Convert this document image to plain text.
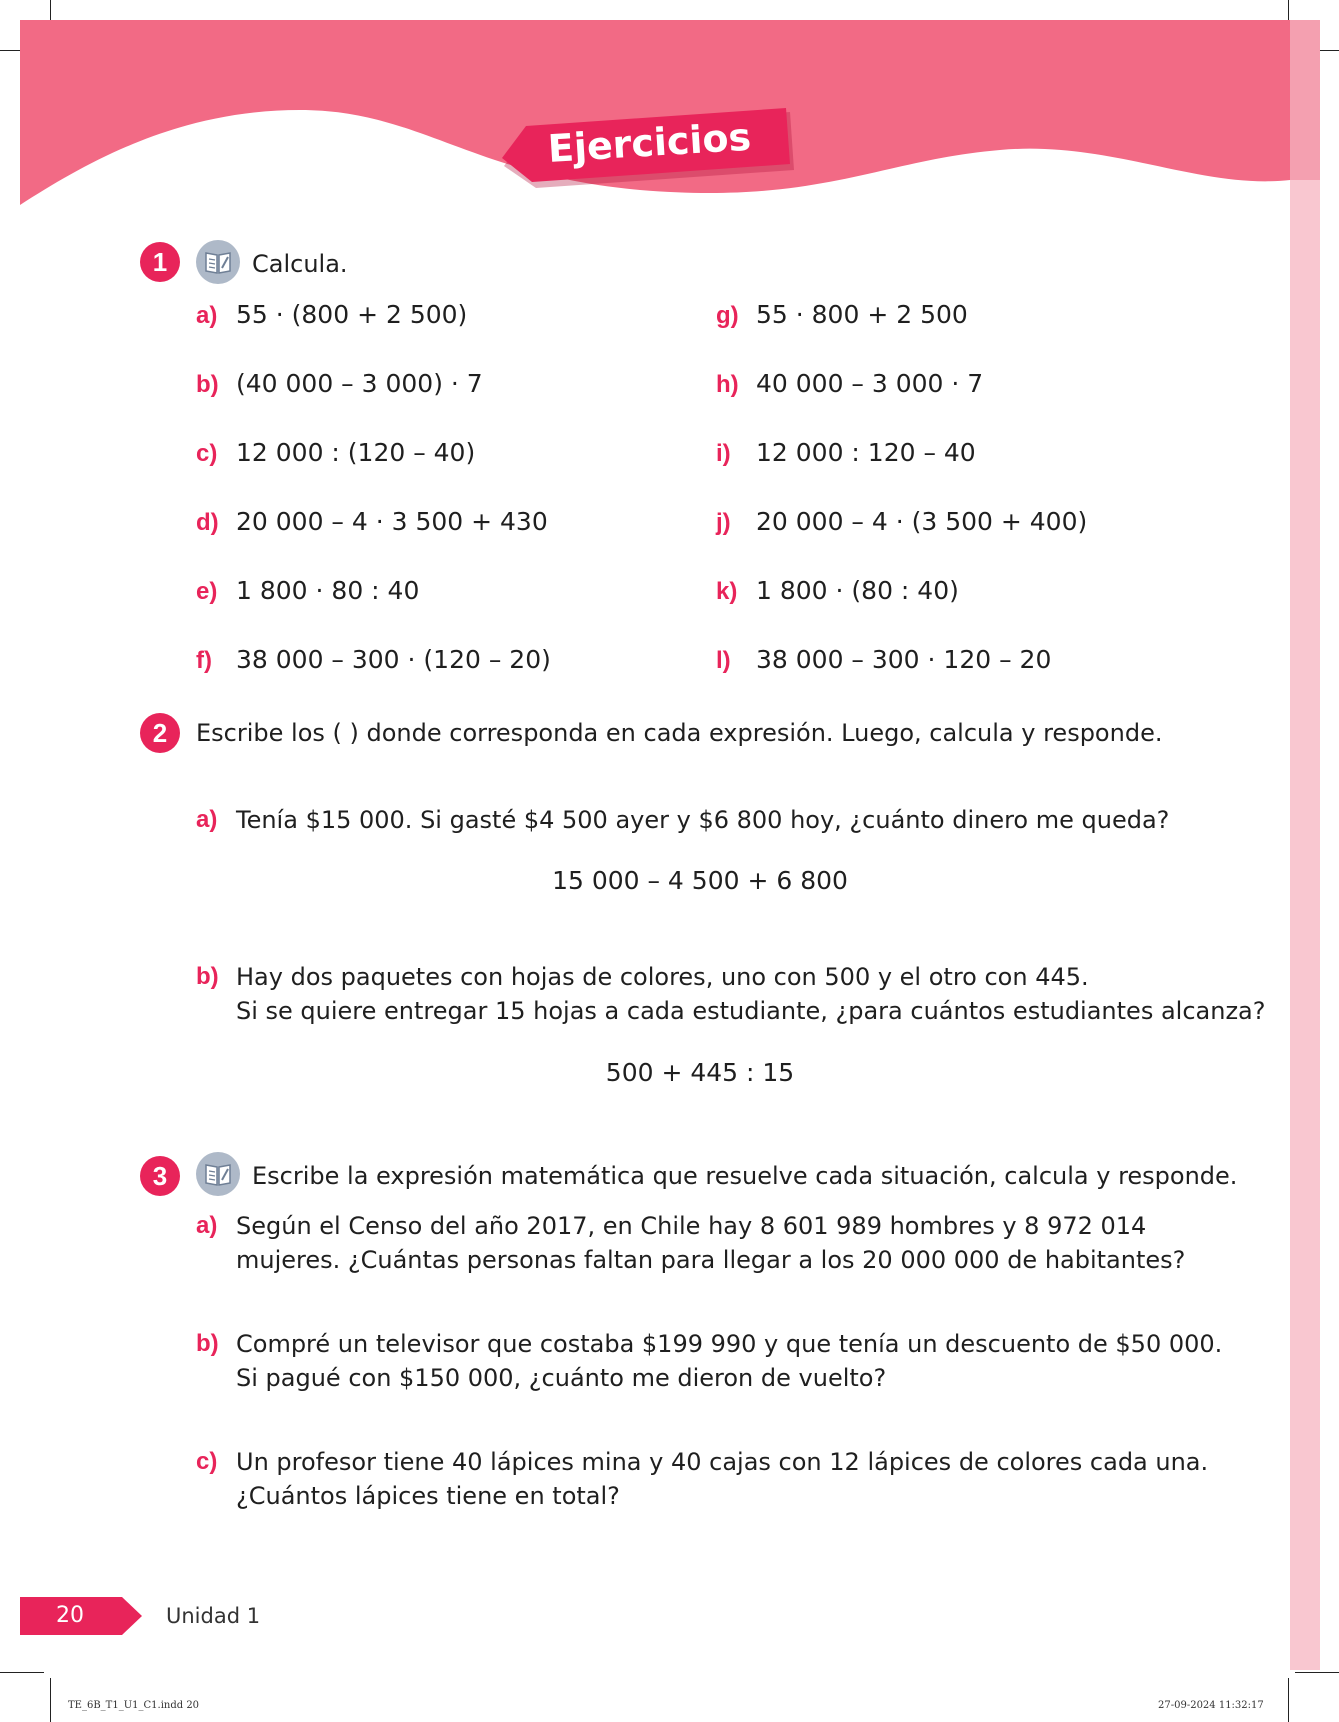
Ejercicios
1	Calcula.
a) 55 · (800 + 2 500)
b) (40 000 – 3 000) · 7
c) 12 000 : (120 – 40)
d) 20 000 – 4 · 3 500 + 430
e) 1 800 · 80 : 40
f) 38 000 – 300 · (120 – 20)
g) 55 · 800 + 2 500
h) 40 000 – 3 000 · 7
i) 12 000 : 120 – 40
j) 20 000 – 4 · (3 500 + 400)
k) 1 800 · (80 : 40)
l) 38 000 – 300 · 120 – 20
2	Escribe los ( ) donde corresponda en cada expresión. Luego, calcula y responde.
a) Tenía $15 000. Si gasté $4 500 ayer y $6 800 hoy, ¿cuánto dinero me queda?
15 000 – 4 500 + 6 800
b) Hay dos paquetes con hojas de colores, uno con 500 y el otro con 445.
Si se quiere entregar 15 hojas a cada estudiante, ¿para cuántos estudiantes alcanza?
500 + 445 : 15
3	Escribe la expresión matemática que resuelve cada situación, calcula y responde.
a) Según el Censo del año 2017, en Chile hay 8 601 989 hombres y 8 972 014
mujeres. ¿Cuántas personas faltan para llegar a los 20 000 000 de habitantes?
b) Compré un televisor que costaba $199 990 y que tenía un descuento de $50 000.
Si pagué con $150 000, ¿cuánto me dieron de vuelto?
c) Un profesor tiene 40 lápices mina y 40 cajas con 12 lápices de colores cada una.
¿Cuántos lápices tiene en total?
20	Unidad 1
TE_6B_T1_U1_C1.indd 20	27-09-2024 11:32:17
